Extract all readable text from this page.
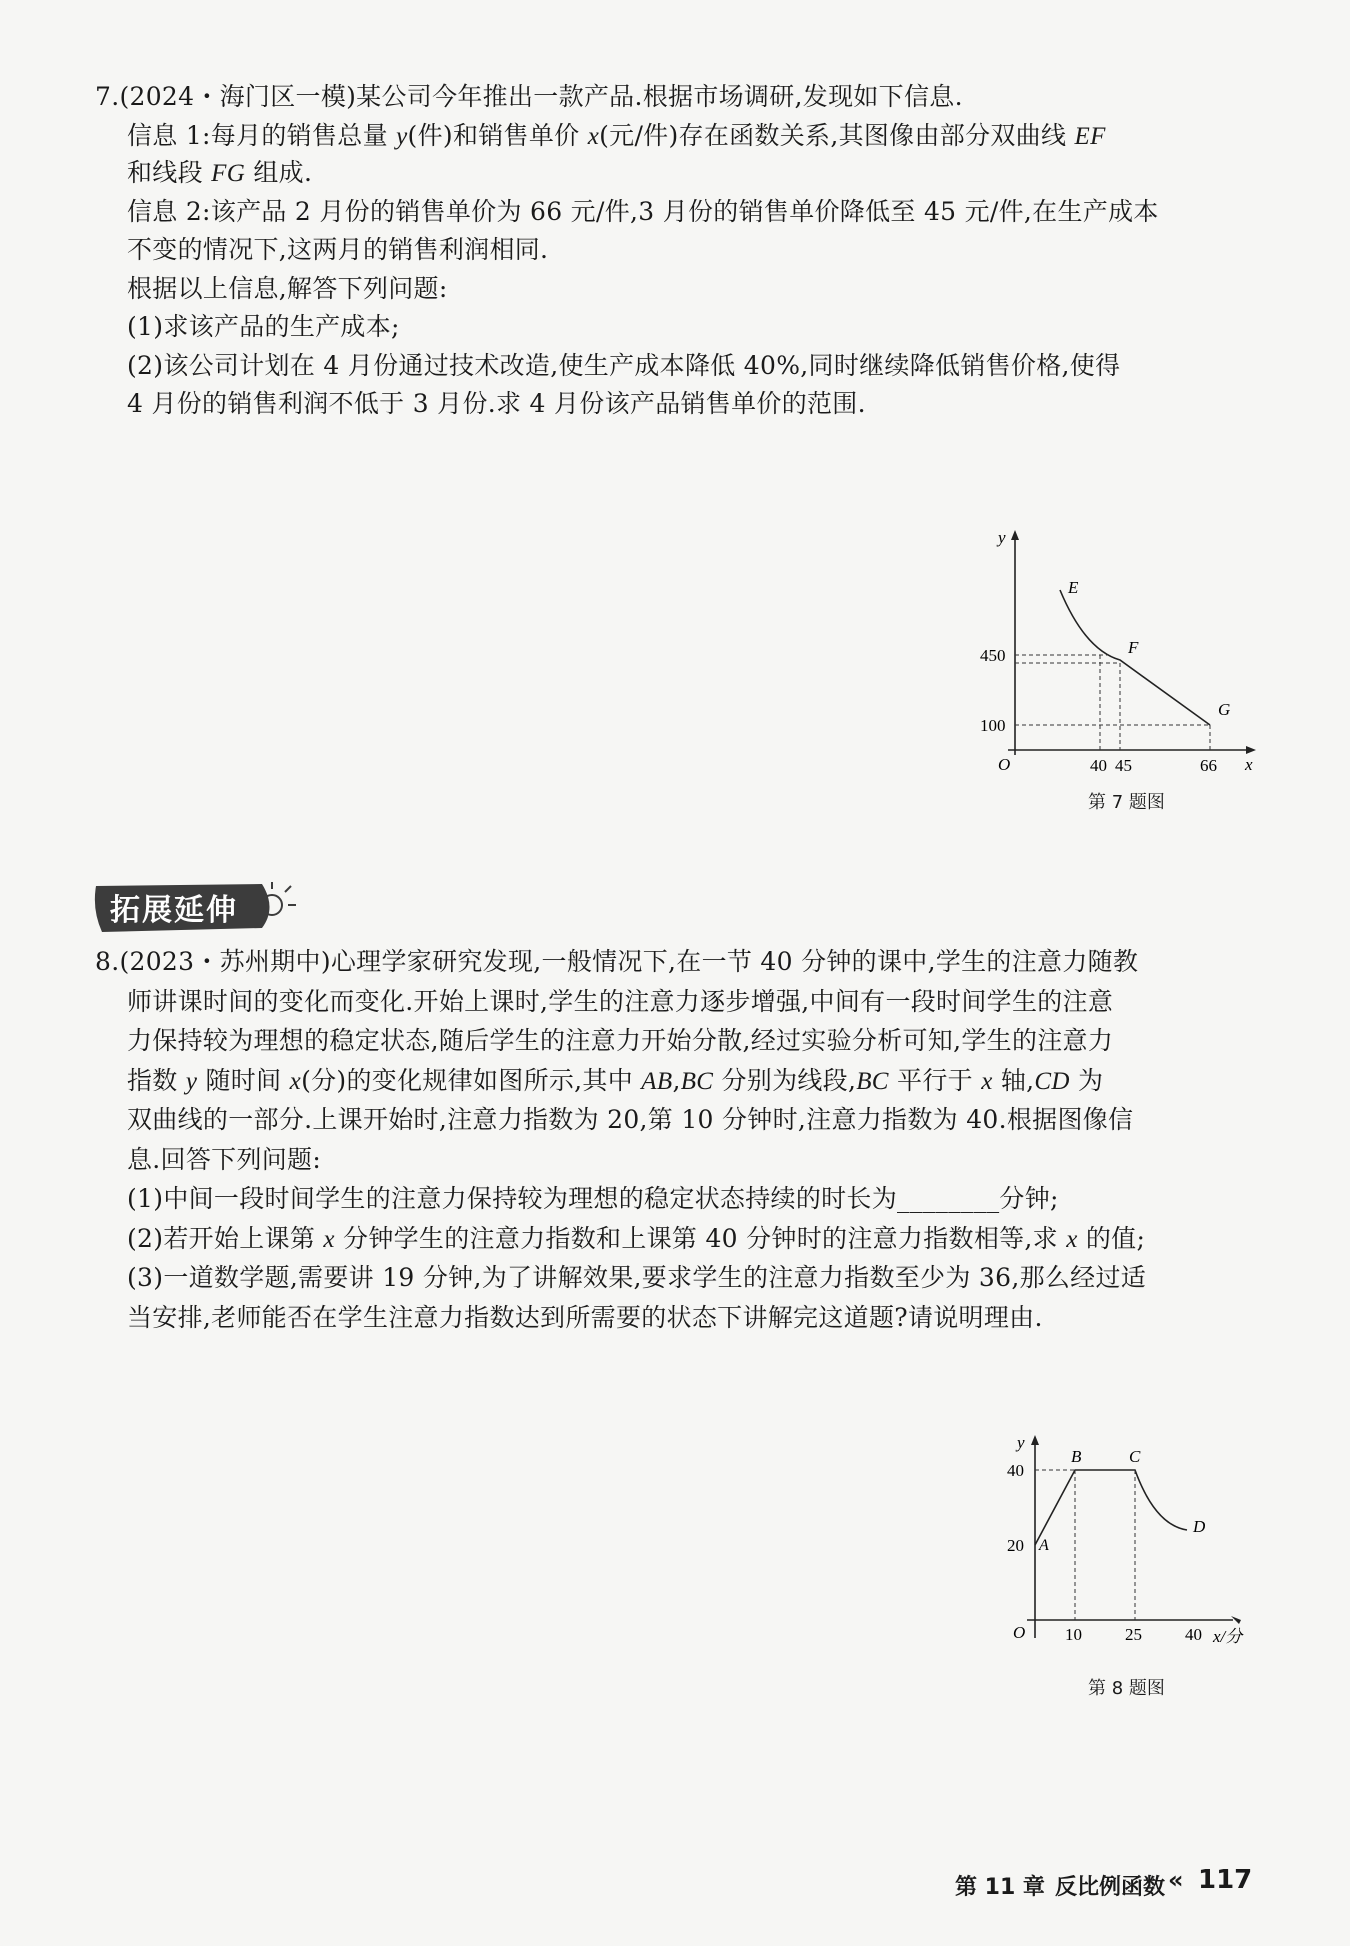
7.(2024・海门区一模)某公司今年推出一款产品.根据市场调研,发现如下信息.
信息 1:每月的销售总量 y(件)和销售单价 x(元/件)存在函数关系,其图像由部分双曲线 EF
和线段 FG 组成.
信息 2:该产品 2 月份的销售单价为 66 元/件,3 月份的销售单价降低至 45 元/件,在生产成本
不变的情况下,这两月的销售利润相同.
根据以上信息,解答下列问题:
(1)求该产品的生产成本;
(2)该公司计划在 4 月份通过技术改造,使生产成本降低 40%,同时继续降低销售价格,使得
4 月份的销售利润不低于 3 月份.求 4 月份该产品销售单价的范围.
y
x
O
E
F
G
450
100
40 45	66
第 7 题图
拓展延伸
8.(2023・苏州期中)心理学家研究发现,一般情况下,在一节 40 分钟的课中,学生的注意力随教
师讲课时间的变化而变化.开始上课时,学生的注意力逐步增强,中间有一段时间学生的注意
力保持较为理想的稳定状态,随后学生的注意力开始分散,经过实验分析可知,学生的注意力
指数 y 随时间 x(分)的变化规律如图所示,其中 AB,BC 分别为线段,BC 平行于 x 轴,CD 为
双曲线的一部分.上课开始时,注意力指数为 20,第 10 分钟时,注意力指数为 40.根据图像信
息.回答下列问题:
(1)中间一段时间学生的注意力保持较为理想的稳定状态持续的时长为________分钟;
(2)若开始上课第 x 分钟学生的注意力指数和上课第 40 分钟时的注意力指数相等,求 x 的值;
(3)一道数学题,需要讲 19 分钟,为了讲解效果,要求学生的注意力指数至少为 36,那么经过适
当安排,老师能否在学生注意力指数达到所需要的状态下讲解完这道题?请说明理由.
y
x/分
O
A
B	C
D
40
20
10	25	40
第 8 题图
第 11 章 反比例函数 « 117
